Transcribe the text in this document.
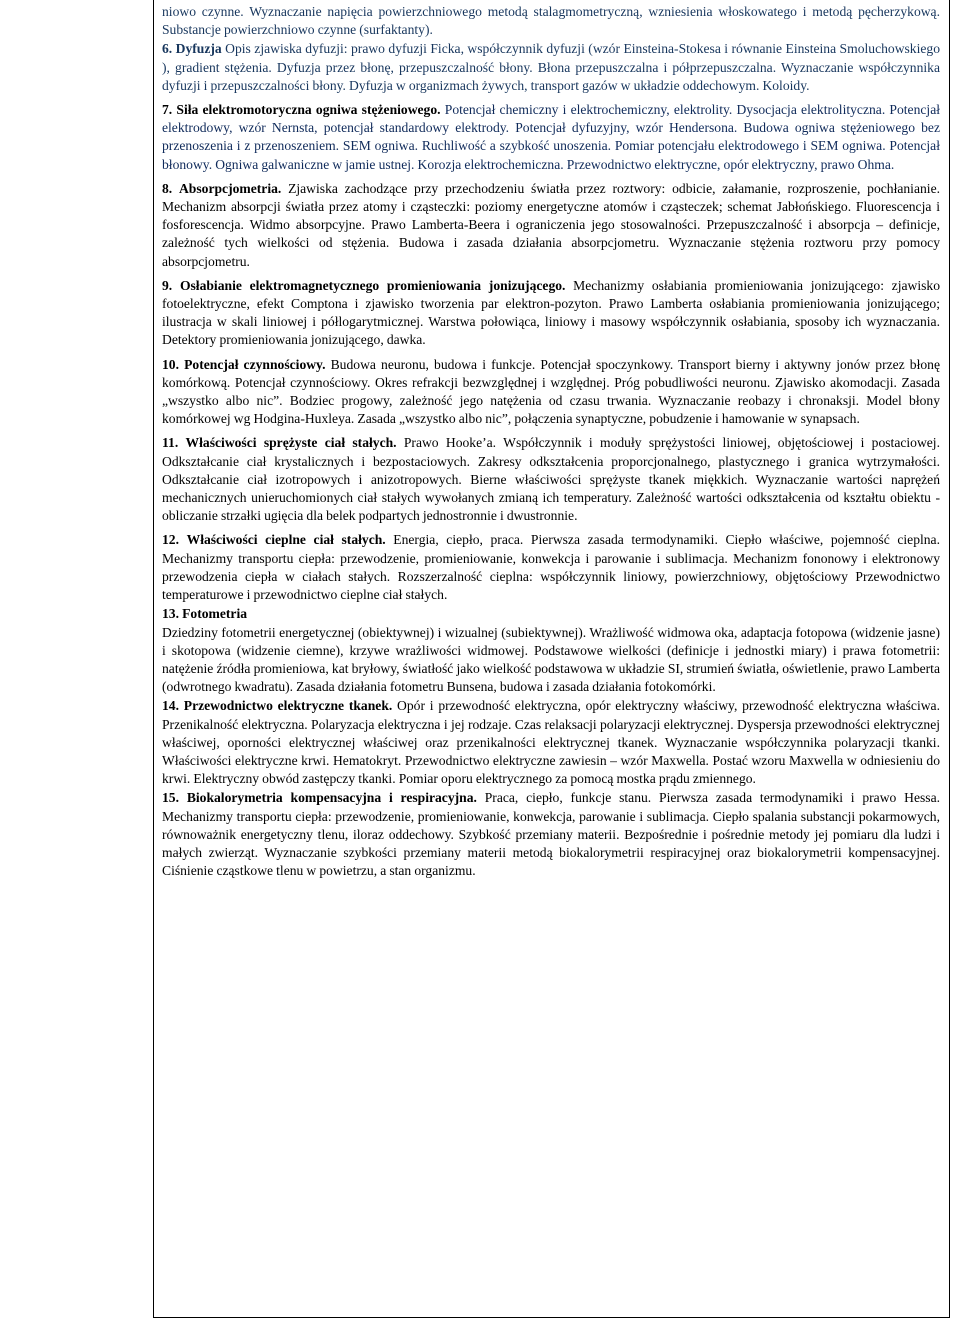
niowo czynne. Wyznaczanie napięcia powierzchniowego metodą stalagmometryczną, wzniesienia włoskowatego i metodą pęcherzykową. Substancje powierzchniowo czynne (surfaktanty).

6. Dyfuzja Opis zjawiska dyfuzji: prawo dyfuzji Ficka, współczynnik dyfuzji (wzór Einsteina-Stokesa i równanie Einsteina Smoluchowskiego ), gradient stężenia. Dyfuzja przez błonę, przepuszczalność błony. Błona przepuszczalna i półprzepuszczalna. Wyznaczanie współczynnika dyfuzji i przepuszczalności błony. Dyfuzja w organizmach żywych, transport gazów w układzie oddechowym. Koloidy.

7. Siła elektromotoryczna ogniwa stężeniowego. Potencjał chemiczny i elektrochemiczny, elektrolity. Dysocjacja elektrolityczna. Potencjał elektrodowy, wzór Nernsta, potencjał standardowy elektrody. Potencjał dyfuzyjny, wzór Hendersona. Budowa ogniwa stężeniowego bez przenoszenia i z przenoszeniem. SEM ogniwa. Ruchliwość a szybkość unoszenia. Pomiar potencjału elektrodowego i SEM ogniwa. Potencjał błonowy. Ogniwa galwaniczne w jamie ustnej. Korozja elektrochemiczna. Przewodnictwo elektryczne, opór elektryczny, prawo Ohma.

8. Absorpcjometria. Zjawiska zachodzące przy przechodzeniu światła przez roztwory: odbicie, załamanie, rozproszenie, pochłanianie. Mechanizm absorpcji światła przez atomy i cząsteczki: poziomy energetyczne atomów i cząsteczek; schemat Jabłońskiego. Fluorescencja i fosforescencja. Widmo absorpcyjne. Prawo Lamberta-Beera i ograniczenia jego stosowalności. Przepuszczalność i absorpcja – definicje, zależność tych wielkości od stężenia. Budowa i zasada działania absorpcjometru. Wyznaczanie stężenia roztworu przy pomocy absorpcjometru.

9. Osłabianie elektromagnetycznego promieniowania jonizującego. Mechanizmy osłabiania promieniowania jonizującego: zjawisko fotoelektryczne, efekt Comptona i zjawisko tworzenia par elektron-pozyton. Prawo Lamberta osłabiania promieniowania jonizującego; ilustracja w skali liniowej i półlogarytmicznej. Warstwa połowiąca, liniowy i masowy współczynnik osłabiania, sposoby ich wyznaczania. Detektory promieniowania jonizującego, dawka.

10. Potencjał czynnościowy. Budowa neuronu, budowa i funkcje. Potencjał spoczynkowy. Transport bierny i aktywny jonów przez błonę komórkową. Potencjał czynnościowy. Okres refrakcji bezwzględnej i względnej. Próg pobudliwości neuronu. Zjawisko akomodacji. Zasada „wszystko albo nic”. Bodziec progowy, zależność jego natężenia od czasu trwania. Wyznaczanie reobazy i chronaksji. Model błony komórkowej wg Hodgina-Huxleya. Zasada „wszystko albo nic”, połączenia synaptyczne, pobudzenie i hamowanie w synapsach.

11. Właściwości sprężyste ciał stałych. Prawo Hooke’a. Współczynnik i moduły sprężystości liniowej, objętościowej i postaciowej. Odkształcanie ciał krystalicznych i bezpostaciowych. Zakresy odkształcenia proporcjonalnego, plastycznego i granica wytrzymałości. Odkształcanie ciał izotropowych i anizotropowych. Bierne właściwości sprężyste tkanek miękkich. Wyznaczanie wartości naprężeń mechanicznych unieruchomionych ciał stałych wywołanych zmianą ich temperatury. Zależność wartości odkształcenia od kształtu obiektu - obliczanie strzałki ugięcia dla belek podpartych jednostronnie i dwustronnie.

12. Właściwości cieplne ciał stałych. Energia, ciepło, praca. Pierwsza zasada termodynamiki. Ciepło właściwe, pojemność cieplna. Mechanizmy transportu ciepła: przewodzenie, promieniowanie, konwekcja i parowanie i sublimacja. Mechanizm fononowy i elektronowy przewodzenia ciepła w ciałach stałych. Rozszerzalność cieplna: współczynnik liniowy, powierzchniowy, objętościowy Przewodnictwo temperaturowe i przewodnictwo cieplne ciał stałych.

13. Fotometria
Dziedziny fotometrii energetycznej (obiektywnej) i wizualnej (subiektywnej). Wrażliwość widmowa oka, adaptacja fotopowa (widzenie jasne) i skotopowa (widzenie ciemne), krzywe wrażliwości widmowej. Podstawowe wielkości (definicje i jednostki miary) i prawa fotometrii: natężenie źródła promieniowa, kat bryłowy, światłość jako wielkość podstawowa w układzie SI, strumień światła, oświetlenie, prawo Lamberta (odwrotnego kwadratu). Zasada działania fotometru Bunsena, budowa i zasada działania fotokomórki.

14. Przewodnictwo elektryczne tkanek. Opór i przewodność elektryczna, opór elektryczny właściwy, przewodność elektryczna właściwa. Przenikalność elektryczna. Polaryzacja elektryczna i jej rodzaje. Czas relaksacji polaryzacji elektrycznej. Dyspersja przewodności elektrycznej właściwej, oporności elektrycznej właściwej oraz przenikalności elektrycznej tkanek. Wyznaczanie współczynnika polaryzacji tkanki. Właściwości elektryczne krwi. Hematokryt. Przewodnictwo elektryczne zawiesin – wzór Maxwella. Postać wzoru Maxwella w odniesieniu do krwi. Elektryczny obwód zastępczy tkanki. Pomiar oporu elektrycznego za pomocą mostka prądu zmiennego.

15. Biokalorymetria kompensacyjna i respiracyjna. Praca, ciepło, funkcje stanu. Pierwsza zasada termodynamiki i prawo Hessa. Mechanizmy transportu ciepła: przewodzenie, promieniowanie, konwekcja, parowanie i sublimacja. Ciepło spalania substancji pokarmowych, równoważnik energetyczny tlenu, iloraz oddechowy. Szybkość przemiany materii. Bezpośrednie i pośrednie metody jej pomiaru dla ludzi i małych zwierząt. Wyznaczanie szybkości przemiany materii metodą biokalorymetrii respiracyjnej oraz biokalorymetrii kompensacyjnej. Ciśnienie cząstkowe tlenu w powietrzu, a stan organizmu.
